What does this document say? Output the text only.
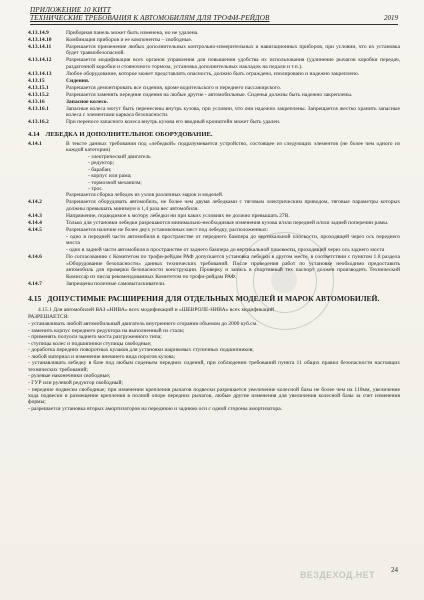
ПРИЛОЖЕНИЕ 10 КИТТ
ТЕХНИЧЕСКИЕ ТРЕБОВАНИЯ К АВТОМОБИЛЯМ ДЛЯ ТРОФИ-РЕЙДОВ	2019
4.13.14.9	Приборная панель может быть изменена, но не удалена.
4.13.14.10	Комбинация приборов и ее компоненты – свободные.
4.13.14.11	Разрешается применение любых дополнительных контрольно-измерительных и навигационных приборов, при условии, что их установка будет травмобезопасной.
4.13.14.12	Разрешается модификация всех органов управления для повышения удобства их использования (удлинение рычагов коробки передач, раздаточной коробки и стояночного тормоза, установка дополнительных накладок на педали и т.п.).
4.13.14.13	Любое оборудование, которое может представлять опасность, должно быть ограждено, изолировано и надежно закреплено.
4.13.15	Сидения.
4.13.15.1	Разрешается демонтировать все сидения, кроме водительского и переднего пассажирского.
4.13.15.2	Разрешается заменять передние сидения на любые другие - автомобильные. Сиденья должны быть надежно закреплены.
4.13.16	Запасное колесо.
4.13.16.1	Запасные колеса могут быть перенесены внутрь кузова, при условии, что они надежно закреплены. Запрещается жестко хранить запасные колеса с элементами каркаса безопасности.
4.13.16.2	При переносе запасного колеса внутрь кузова его вводный кронштейн может быть удален.
4.14 ЛЕБЕДКА И ДОПОЛНИТЕЛЬНОЕ ОБОРУДОВАНИЕ.
4.14.1	В тексте данных требования под «лебедкой» подразумевается устройство, состоящее из следующих элементов (не более чем одного из каждой категории)
- электрический двигатель
- редуктор;
- барабан;
- корпус или рама;
- тормозной механизм;
- трос.
Разрешается сборка лебедок из узлов различных марок и моделей.
4.14.2	Разрешается оборудовать автомобиль, не более чем двумя лебедками с тяговым электрическим приводом, тяговые параметры которых должны превышать минимум в 1,4 раза вес автомобиля.
4.14.3	Напряжение, подводимое к мотору лебедки ни при каких условиях не должно превышать 27В.
4.14.4	Только для установки лебедки разрешаются минимально-необходимые изменения кузова и/или передней и/или задней поперечин рамы.
4.14.5	Разрешается наличие не более двух установочных мест под лебедку, расположенных:
- одно в передней части автомобиля в пространстве от переднего бампера до вертикальной плоскости, проходящей через ось переднего моста
- одно в задней части автомобиля в пространстве от заднего бампера до вертикальной плоскости, проходящей через ось заднего моста
4.14.6	По согласованию с Комитетом по трофи-рейдам РАФ допускается установка лебедки в другом месте, в соответствии с пунктом 1.8 раздела «Оборудование безопасности» данных технических требований. После проведения работ по установке необходимо предоставить автомобиль для проверки безопасности конструкции. Проверку и запись в спортивный тех паспорт должен производить Технический Комиссар из числа рекомендованных Комитетом по трофи-рейдам РАФ.
4.14.7	Запрещены полезные самовытаскиватели.
4.15 ДОПУСТИМЫЕ РАСШИРЕНИЯ ДЛЯ ОТДЕЛЬНЫХ МОДЕЛЕЙ И МАРОК АВТОМОБИЛЕЙ.
4.15.1 Для автомобилей ВАЗ «НИВА» всех модификаций и «ШЕВРОЛЕ-НИВА» всех модификаций
РАЗРЕШАЕТСЯ:
- устанавливать любой автомобильный двигатель внутреннего сгорания объемом до 2000 куб.см.
- заменить корпус переднего редуктора на выполненный из стали;
- применять полуоси заднего моста разгруженного типа;
- ступицы колес и подшипники ступицы свободные;
- доработка передних поворотных кулаков для установки шариковых ступичных подшипников;
- любой материал и изменение внешнего вида порогов кузова;
- устанавливать лебедку в базе под любым сиденьем передних сидений, при соблюдении требований пункта 11 общих правил безопасности настоящих технических требований;
- рулевые наконечники свободные;
- ГУР или рулевой редуктор свободный;
- передние подвески свободные; при изменении крепления рычагов подвески разрешается увеличение колесной базы не более чем на 110мм, увеличение хода подвески и размещение крепления в полной опоре передних рычагов, любые другие изменения для увеличения колесной базы за счет изменения формы;
- разрешается установка вторых амортизаторов на переднюю и заднюю оси с одной стороны амортизатора.
24
ВЕЗДЕХОД.НЕТ
